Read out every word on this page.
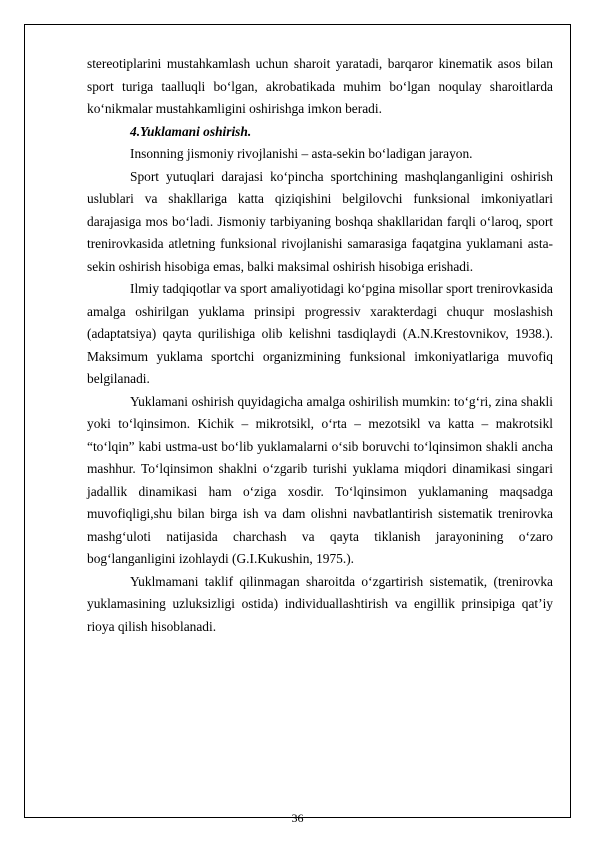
stereotiplarini mustahkamlash uchun sharoit yaratadi, barqaror kinematik asos bilan sport turiga taalluqli bo‘lgan, akrobatikada muhim bo‘lgan noqulay sharoitlarda ko‘nikmalar mustahkamligini oshirishga imkon beradi.

4.Yuklamani oshirish.

Insonning jismoniy rivojlanishi – asta-sekin bo‘ladigan jarayon.

Sport yutuqlari darajasi ko‘pincha sportchining mashqlanganligini oshirish uslublari va shakllariga katta qiziqishini belgilovchi funksional imkoniyatlari darajasiga mos bo‘ladi. Jismoniy tarbiyaning boshqa shakllaridan farqli o‘laroq, sport trenirovkasida atletning funksional rivojlanishi samarasiga faqatgina yuklamani asta-sekin oshirish hisobiga emas, balki maksimal oshirish hisobiga erishadi.

Ilmiy tadqiqotlar va sport amaliyotidagi ko‘pgina misollar sport trenirovkasida amalga oshirilgan yuklama prinsipi progressiv xarakterdagi chuqur moslashish (adaptatsiya) qayta qurilishiga olib kelishni tasdiqlaydi (A.N.Krestovnikov, 1938.). Maksimum yuklama sportchi organizmining funksional imkoniyatlariga muvofiq belgilanadi.

Yuklamani oshirish quyidagicha amalga oshirilish mumkin: to‘g‘ri, zina shakli yoki to‘lqinsimon. Kichik – mikrotsikl, o‘rta – mezotsikl va katta – makrotsikl “to‘lqin” kabi ustma-ust bo‘lib yuklamalarni o‘sib boruvchi to‘lqinsimon shakli ancha mashhur. To‘lqinsimon shaklni o‘zgarib turishi yuklama miqdori dinamikasi singari jadallik dinamikasi ham o‘ziga xosdir. To‘lqinsimon yuklamaning maqsadga muvofiqligi,shu bilan birga ish va dam olishni navbatlantirish sistematik trenirovka mashg‘uloti natijasida charchash va qayta tiklanish jarayonining o‘zaro bog‘langanligini izohlaydi (G.I.Kukushin, 1975.).

Yuklmamani taklif qilinmagan sharoitda o‘zgartirish sistematik, (trenirovka yuklamasining uzluksizligi ostida) individuallashtirish va engillik prinsipiga qat’iy rioya qilish hisoblanadi.

36
